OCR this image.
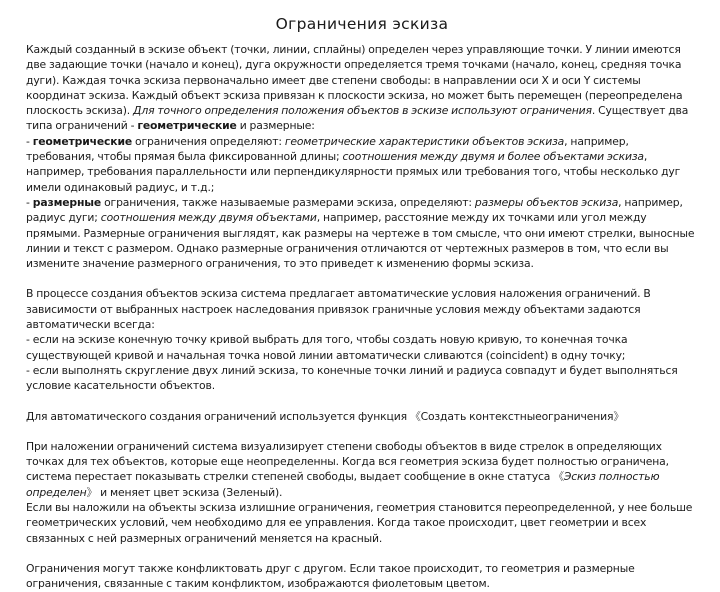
Ограничения эскиза

Каждый созданный в эскизе объект (точки, линии, сплайны) определен через управляющие точки. У линии имеются две задающие точки (начало и конец), дуга окружности определяется тремя точками (начало, конец, средняя точка дуги). Каждая точка эскиза первоначально имеет две степени свободы: в направлении оси X и оси Y системы координат эскиза. Каждый объект эскиза привязан к плоскости эскиза, но может быть перемещен (переопределена плоскость эскиза). Для точного определения положения объектов в эскизе используют ограничения. Существует два типа ограничений - геометрические и размерные:

- геометрические ограничения определяют: геометрические характеристики объектов эскиза, например, требования, чтобы прямая была фиксированной длины; соотношения между двумя и более объектами эскиза, например, требования параллельности или перпендикулярности прямых или требования того, чтобы несколько дуг имели одинаковый радиус, и т.д.;

- размерные ограничения, также называемые размерами эскиза, определяют: размеры объектов эскиза, например, радиус дуги; соотношения между двумя объектами, например, расстояние между их точками или угол между прямыми. Размерные ограничения выглядят, как размеры на чертеже в том смысле, что они имеют стрелки, выносные линии и текст с размером. Однако размерные ограничения отличаются от чертежных размеров в том, что если вы измените значение размерного ограничения, то это приведет к изменению формы эскиза.

В процессе создания объектов эскиза система предлагает автоматические условия наложения ограничений. В зависимости от выбранных настроек наследования привязок граничные условия между объектами задаются автоматически всегда:

- если на эскизе конечную точку кривой выбрать для того, чтобы создать новую кривую, то конечная точка существующей кривой и начальная точка новой линии автоматически сливаются (coincident) в одну точку;

- если выполнять скругление двух линий эскиза, то конечные точки линий и радиуса совпадут и будет выполняться условие касательности объектов.

Для автоматического создания ограничений используется функция 《Создать контекстныеограничения》

При наложении ограничений система визуализирует степени свободы объектов в виде стрелок в определяющих точках для тех объектов, которые еще неопределенны. Когда вся геометрия эскиза будет полностью ограничена, система перестает показывать стрелки степеней свободы, выдает сообщение в окне статуса 《Эскиз полностью определен》 и меняет цвет эскиза (Зеленый).

Если вы наложили на объекты эскиза излишние ограничения, геометрия становится переопределенной, у нее больше геометрических условий, чем необходимо для ее управления. Когда такое происходит, цвет геометрии и всех связанных с ней размерных ограничений меняется на красный.

Ограничения могут также конфликтовать друг с другом. Если такое происходит, то геометрия и размерные ограничения, связанные с таким конфликтом, изображаются фиолетовым цветом.
